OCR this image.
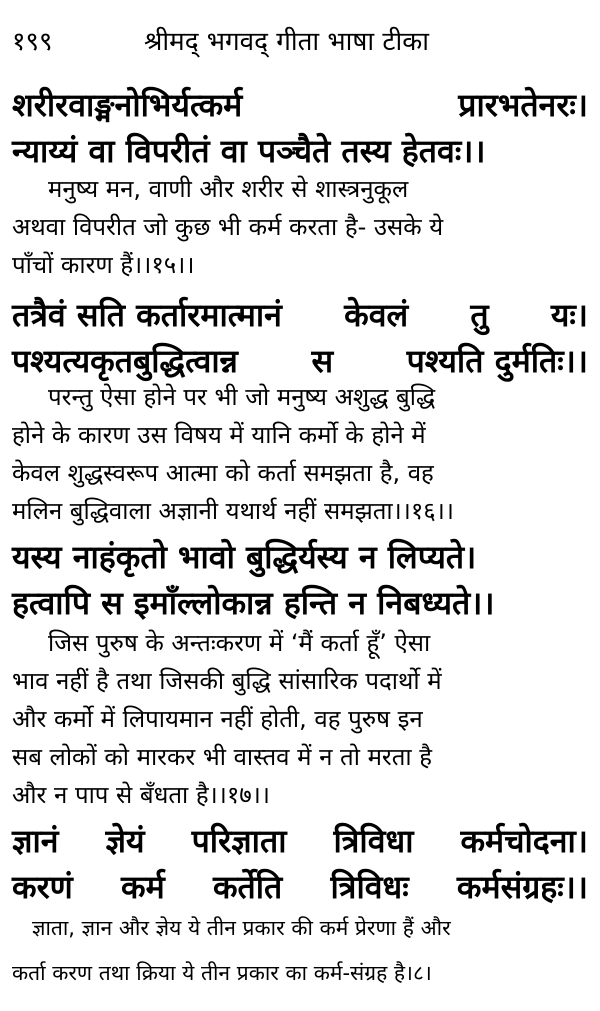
१९९	श्रीमद् भगवद् गीता भाषा टीका
शरीरवाङ्मनोभिर्यत्कर्म	प्रारभतेनरः।
न्याय्यं वा विपरीतं वा पञ्चैते तस्य हेतवः।।
मनुष्य मन, वाणी और शरीर से शास्त्रनुकूल
अथवा विपरीत जो कुछ भी कर्म करता है- उसके ये
पाँचों कारण हैं।।१५।।
तत्रैवं सति कर्तारमात्मानं केवलं तु यः।
पश्यत्यकृतबुद्धित्वान्न स पश्यति दुर्मतिः।।
परन्तु ऐसा होने पर भी जो मनुष्य अशुद्ध बुद्धि
होने के कारण उस विषय में यानि कर्मो के होने में
केवल शुद्धस्वरूप आत्मा को कर्ता समझता है, वह
मलिन बुद्धिवाला अज्ञानी यथार्थ नहीं समझता।।१६।।
यस्य नाहंकृतो भावो बुद्धिर्यस्य न लिप्यते।
हत्वापि स इमाँल्लोकान्न हन्ति न निबध्यते।।
जिस पुरुष के अन्तःकरण में ‘मैं कर्ता हूँ’ ऐसा
भाव नहीं है तथा जिसकी बुद्धि सांसारिक पदार्थो में
और कर्मो में लिपायमान नहीं होती, वह पुरुष इन
सब लोकों को मारकर भी वास्तव में न तो मरता है
और न पाप से बँधता है।।१७।।
ज्ञानं ज्ञेयं परिज्ञाता त्रिविधा कर्मचोदना।
करणं कर्म कर्तेति त्रिविधः कर्मसंग्रहः।।
ज्ञाता, ज्ञान और ज्ञेय ये तीन प्रकार की कर्म प्रेरणा हैं और
कर्ता करण तथा क्रिया ये तीन प्रकार का कर्म-संग्रह है।८।
